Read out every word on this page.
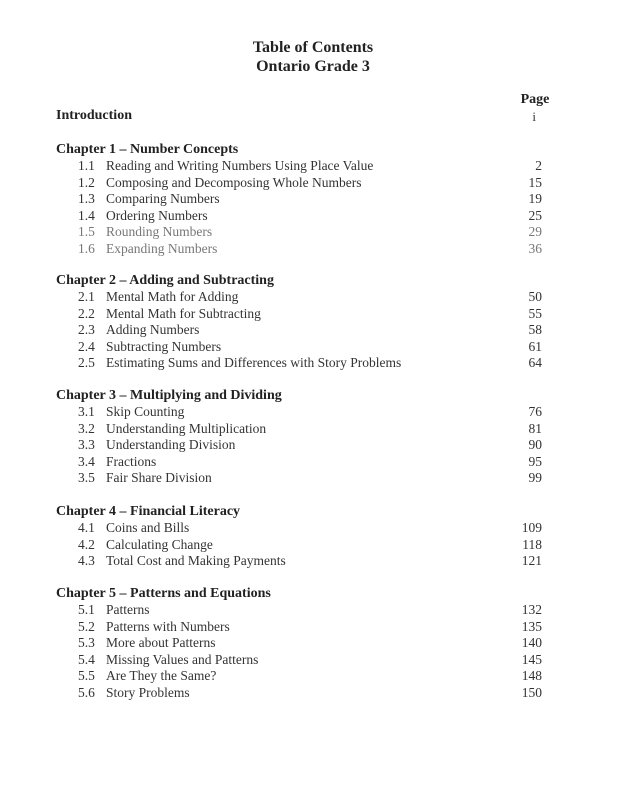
Table of Contents
Ontario Grade 3
Page
Introduction	i
Chapter 1 – Number Concepts
1.1 Reading and Writing Numbers Using Place Value	2
1.2 Composing and Decomposing Whole Numbers	15
1.3 Comparing Numbers	19
1.4 Ordering Numbers	25
1.5 Rounding Numbers	29
1.6 Expanding Numbers	36
Chapter 2 – Adding and Subtracting
2.1 Mental Math for Adding	50
2.2 Mental Math for Subtracting	55
2.3 Adding Numbers	58
2.4 Subtracting Numbers	61
2.5 Estimating Sums and Differences with Story Problems	64
Chapter 3 – Multiplying and Dividing
3.1 Skip Counting	76
3.2 Understanding Multiplication	81
3.3 Understanding Division	90
3.4 Fractions	95
3.5 Fair Share Division	99
Chapter 4 – Financial Literacy
4.1 Coins and Bills	109
4.2 Calculating Change	118
4.3 Total Cost and Making Payments	121
Chapter 5 – Patterns and Equations
5.1 Patterns	132
5.2 Patterns with Numbers	135
5.3 More about Patterns	140
5.4 Missing Values and Patterns	145
5.5 Are They the Same?	148
5.6 Story Problems	150
